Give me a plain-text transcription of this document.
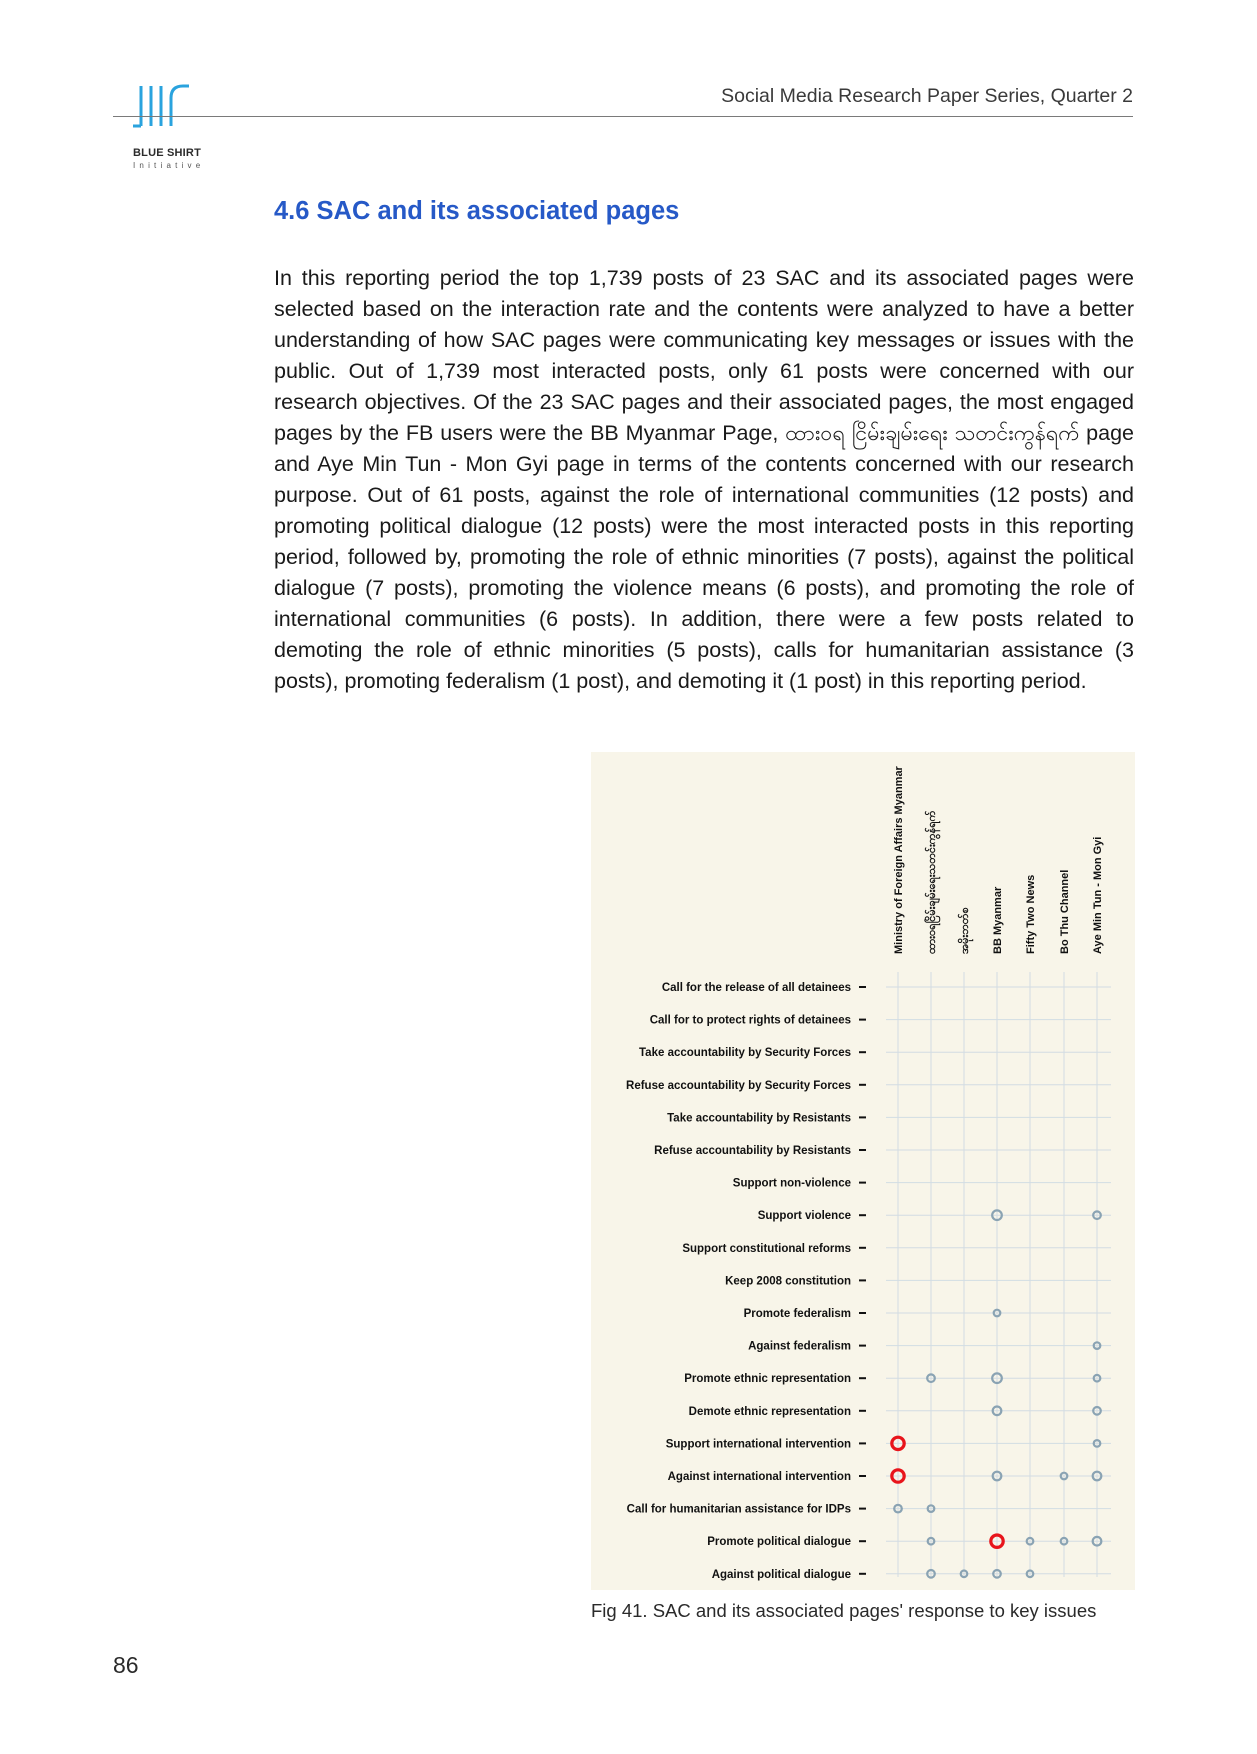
BLUE SHIRT
Initiative
Social Media Research Paper Series, Quarter 2
4.6 SAC and its associated pages
In this reporting period the top 1,739 posts of 23 SAC and its associated pages were selected based on the interaction rate and the contents were analyzed to have a better understanding of how SAC pages were communicating key messages or issues with the public. Out of 1,739 most interacted posts, only 61 posts were concerned with our research objectives. Of the 23 SAC pages and their associated pages, the most engaged pages by the FB users were the BB Myanmar Page, ထားဝရ ငြိမ်းချမ်းရေး သတင်းကွန်ရက် page and Aye Min Tun - Mon Gyi page in terms of the contents concerned with our research purpose. Out of 61 posts, against the role of international communities (12 posts) and promoting political dialogue (12 posts) were the most interacted posts in this reporting period, followed by, promoting the role of ethnic minorities (7 posts), against the political dialogue (7 posts), promoting the violence means (6 posts), and promoting the role of international communities (6 posts). In addition, there were a few posts related to demoting the role of ethnic minorities (5 posts), calls for humanitarian assistance (3 posts), promoting federalism (1 post), and demoting it (1 post) in this reporting period.
Ministry of Foreign Affairs Myanmar ထားဝရငြိမ်းချမ်းရေးသတင်းကွန်ရက် အမိုးဘတ်စ BB Myanmar Fifty Two News Bo Thu Channel Aye Min Tun - Mon Gyi
Call for the release of all detainees
Call for to protect rights of detainees
Take accountability by Security Forces
Refuse accountability by Security Forces
Take accountability by Resistants
Refuse accountability by Resistants
Support non-violence
Support violence
Support constitutional reforms
Keep 2008 constitution
Promote federalism
Against federalism
Promote ethnic representation
Demote ethnic representation
Support international intervention
Against international intervention
Call for humanitarian assistance for IDPs
Promote political dialogue
Against political dialogue
Fig 41. SAC and its associated pages' response to key issues
86
